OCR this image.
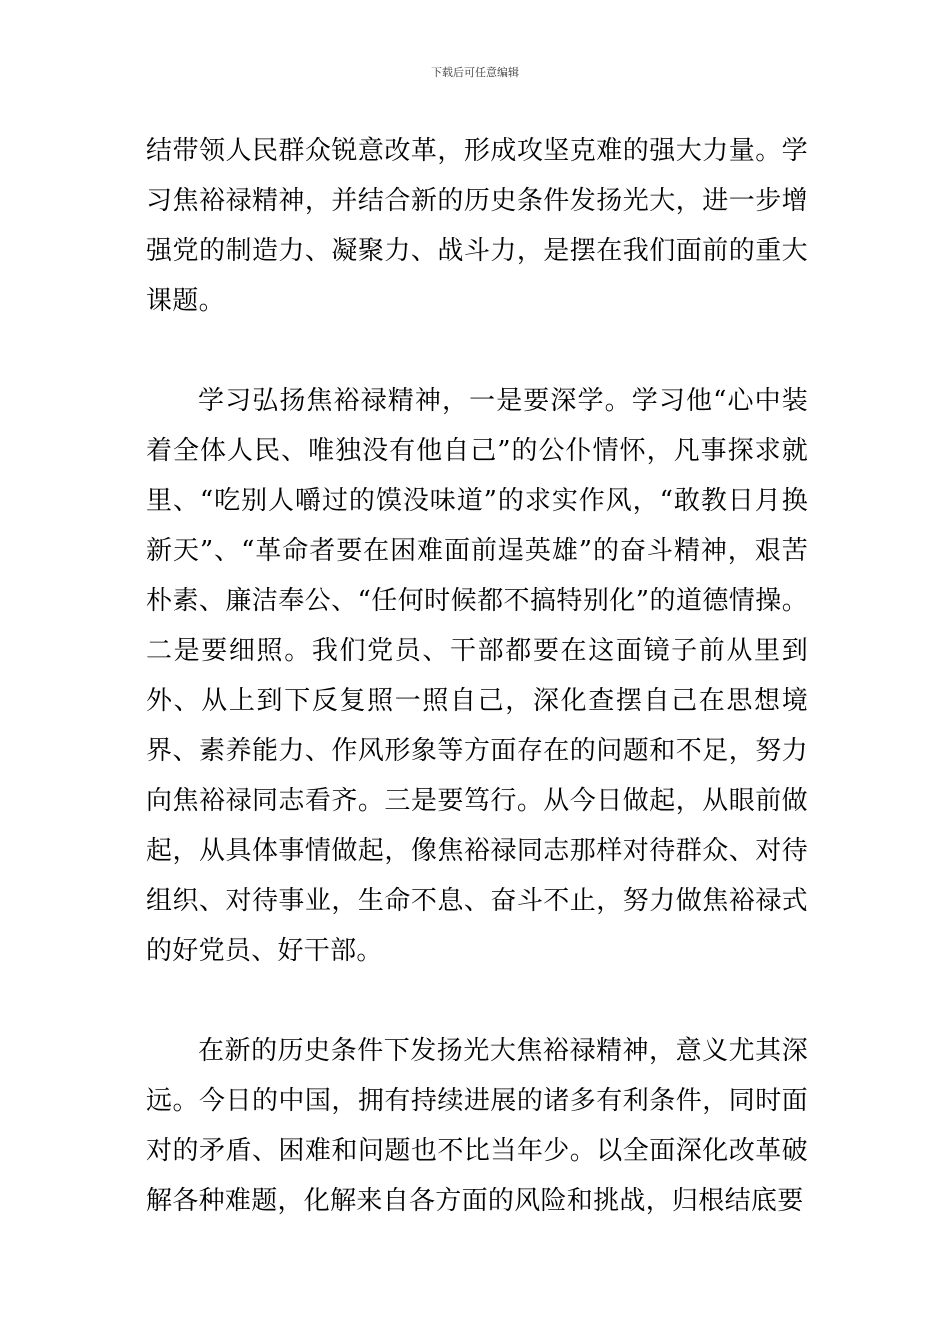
下载后可任意编辑

结带领人民群众锐意改革，形成攻坚克难的强大力量。学习焦裕禄精神，并结合新的历史条件发扬光大，进一步增强党的制造力、凝聚力、战斗力，是摆在我们面前的重大课题。

学习弘扬焦裕禄精神，一是要深学。学习他“心中装着全体人民、唯独没有他自己”的公仆情怀，凡事探求就里、“吃别人嚼过的馍没味道”的求实作风，“敢教日月换新天”、“革命者要在困难面前逞英雄”的奋斗精神，艰苦朴素、廉洁奉公、“任何时候都不搞特别化”的道德情操。二是要细照。我们党员、干部都要在这面镜子前从里到外、从上到下反复照一照自己，深化查摆自己在思想境界、素养能力、作风形象等方面存在的问题和不足，努力向焦裕禄同志看齐。三是要笃行。从今日做起，从眼前做起，从具体事情做起，像焦裕禄同志那样对待群众、对待组织、对待事业，生命不息、奋斗不止，努力做焦裕禄式的好党员、好干部。

在新的历史条件下发扬光大焦裕禄精神，意义尤其深远。今日的中国，拥有持续进展的诸多有利条件，同时面对的矛盾、困难和问题也不比当年少。以全面深化改革破解各种难题，化解来自各方面的风险和挑战，归根结底要
